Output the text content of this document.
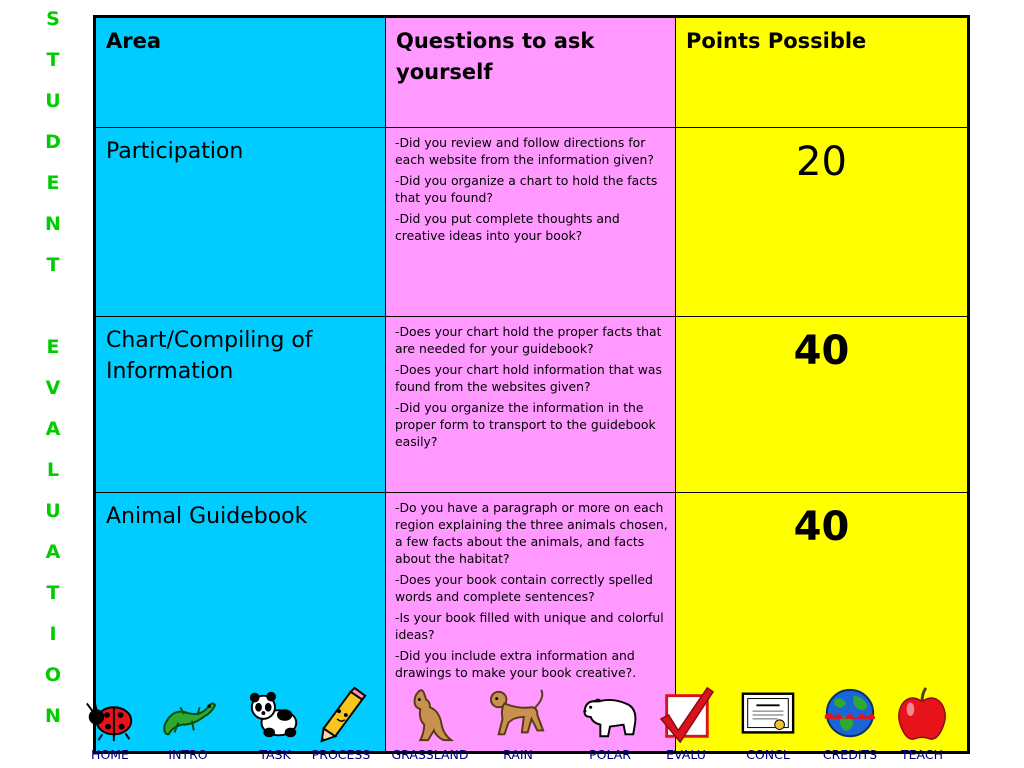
S
T
U
D
E
N
T
E
V
A
L
U
A
T
I
O
N
Area	Questions to ask yourself	Points Possible

Participation	-Did you review and follow directions for each website from the information given?

-Did you organize a chart to hold the facts that you found?

-Did you put complete thoughts and creative ideas into your book?	20

Chart/Compiling of Information	-Does your chart hold the proper facts that are needed for your guidebook?

-Does your chart hold information that was found from the websites given?

-Did you organize the information in the proper form to transport to the guidebook easily?	40

Animal Guidebook	-Do you have a paragraph or more on each region explaining the three animals chosen, a few facts about the animals, and facts about the habitat?

-Does your book contain correctly spelled words and complete sentences?

-Is your book filled with unique and colorful ideas?

-Did you include extra information and drawings to make your book creative?.	40
HOME	INTRO	TASK PROCESS GRASSLAND	RAIN	POLAR	EVALU	CONCL	CREDITS TEACH
